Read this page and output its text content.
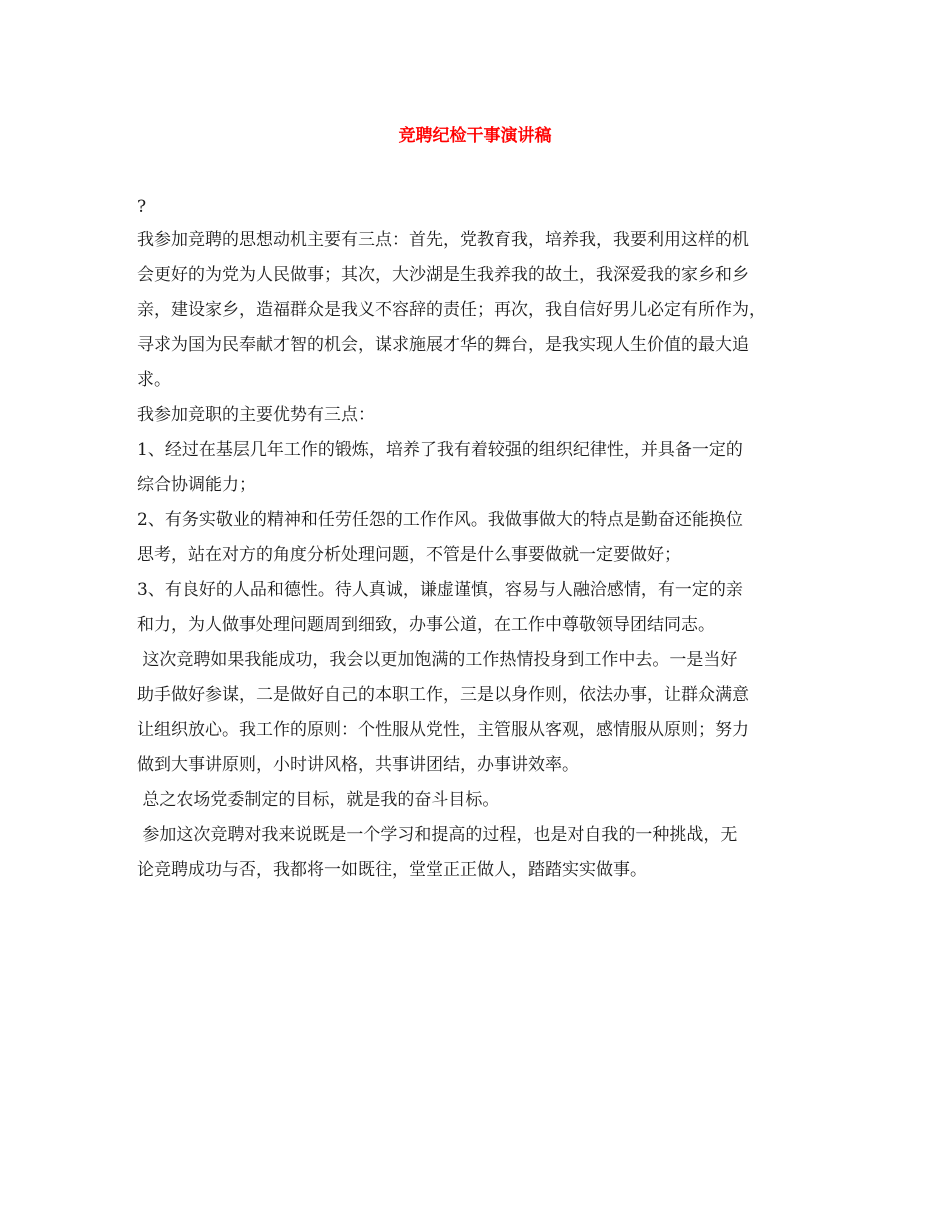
竞聘纪检干事演讲稿
?
我参加竞聘的思想动机主要有三点：首先，党教育我，培养我，我要利用这样的机
会更好的为党为人民做事；其次，大沙湖是生我养我的故土，我深爱我的家乡和乡
亲，建设家乡，造福群众是我义不容辞的责任；再次，我自信好男儿必定有所作为，
寻求为国为民奉献才智的机会，谋求施展才华的舞台，是我实现人生价值的最大追
求。
我参加竞职的主要优势有三点：
1、经过在基层几年工作的锻炼，培养了我有着较强的组织纪律性，并具备一定的
综合协调能力；
2、有务实敬业的精神和任劳任怨的工作作风。我做事做大的特点是勤奋还能换位
思考，站在对方的角度分析处理问题，不管是什么事要做就一定要做好；
3、有良好的人品和德性。待人真诚，谦虚谨慎，容易与人融洽感情，有一定的亲
和力，为人做事处理问题周到细致，办事公道，在工作中尊敬领导团结同志。
这次竞聘如果我能成功，我会以更加饱满的工作热情投身到工作中去。一是当好
助手做好参谋，二是做好自己的本职工作，三是以身作则，依法办事，让群众满意
让组织放心。我工作的原则：个性服从党性，主管服从客观，感情服从原则；努力
做到大事讲原则，小时讲风格，共事讲团结，办事讲效率。
总之农场党委制定的目标，就是我的奋斗目标。
参加这次竞聘对我来说既是一个学习和提高的过程，也是对自我的一种挑战，无
论竞聘成功与否，我都将一如既往，堂堂正正做人，踏踏实实做事。
